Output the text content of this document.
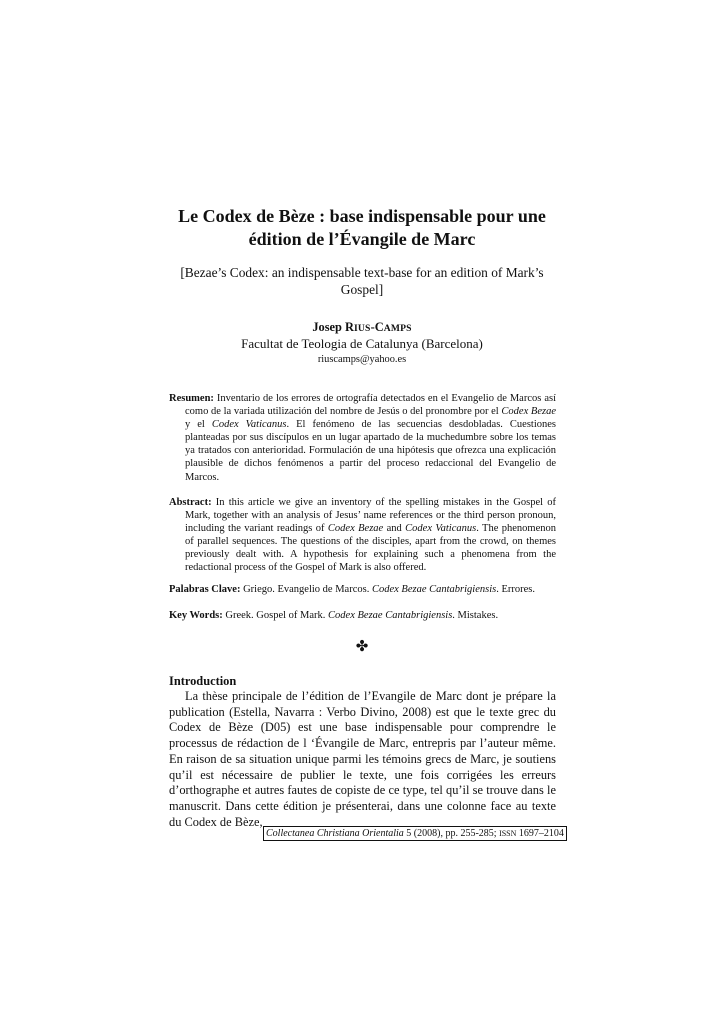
Le Codex de Bèze : base indispensable pour une
édition de l’Évangile de Marc
[Bezae’s Codex: an indispensable text-base for an edition of Mark’s
Gospel]
Josep RIUS-CAMPS
Facultat de Teologia de Catalunya (Barcelona)
riuscamps@yahoo.es

Resumen: Inventario de los errores de ortografía detectados en el Evangelio de Marcos así como de la variada utilización del nombre de Jesús o del pronombre por el Codex Bezae y el Codex Vaticanus. El fenómeno de las secuencias desdobladas. Cuestiones planteadas por sus discípulos en un lugar apartado de la muchedumbre sobre los temas ya tratados con anterioridad. Formulación de una hipótesis que ofrezca una explicación plausible de dichos fenómenos a partir del proceso redaccional del Evangelio de Marcos.

Abstract: In this article we give an inventory of the spelling mistakes in the Gospel of Mark, together with an analysis of Jesus’ name references or the third person pronoun, including the variant readings of Codex Bezae and Codex Vaticanus. The phenomenon of parallel sequences. The questions of the disciples, apart from the crowd, on themes previously dealt with. A hypothesis for explaining such a phenomena from the redactional process of the Gospel of Mark is also offered.

Palabras Clave: Griego. Evangelio de Marcos. Codex Bezae Cantabrigiensis. Errores.
Key Words: Greek. Gospel of Mark. Codex Bezae Cantabrigiensis. Mistakes.
✤
Introduction

La thèse principale de l’édition de l’Evangile de Marc dont je prépare la publication (Estella, Navarra : Verbo Divino, 2008) est que le texte grec du Codex de Bèze (D05) est une base indispensable pour comprendre le processus de rédaction de l ‘Évangile de Marc, entrepris par l’auteur même. En raison de sa situation unique parmi les témoins grecs de Marc, je soutiens qu’il est nécessaire de publier le texte, une fois corrigées les erreurs d’orthographe et autres fautes de copiste de ce type, tel qu’il se trouve dans le manuscrit. Dans cette édition je présenterai, dans une colonne face au texte du Codex de Bèze,

Collectanea Christiana Orientalia 5 (2008), pp. 255-285; ISSN 1697–2104
